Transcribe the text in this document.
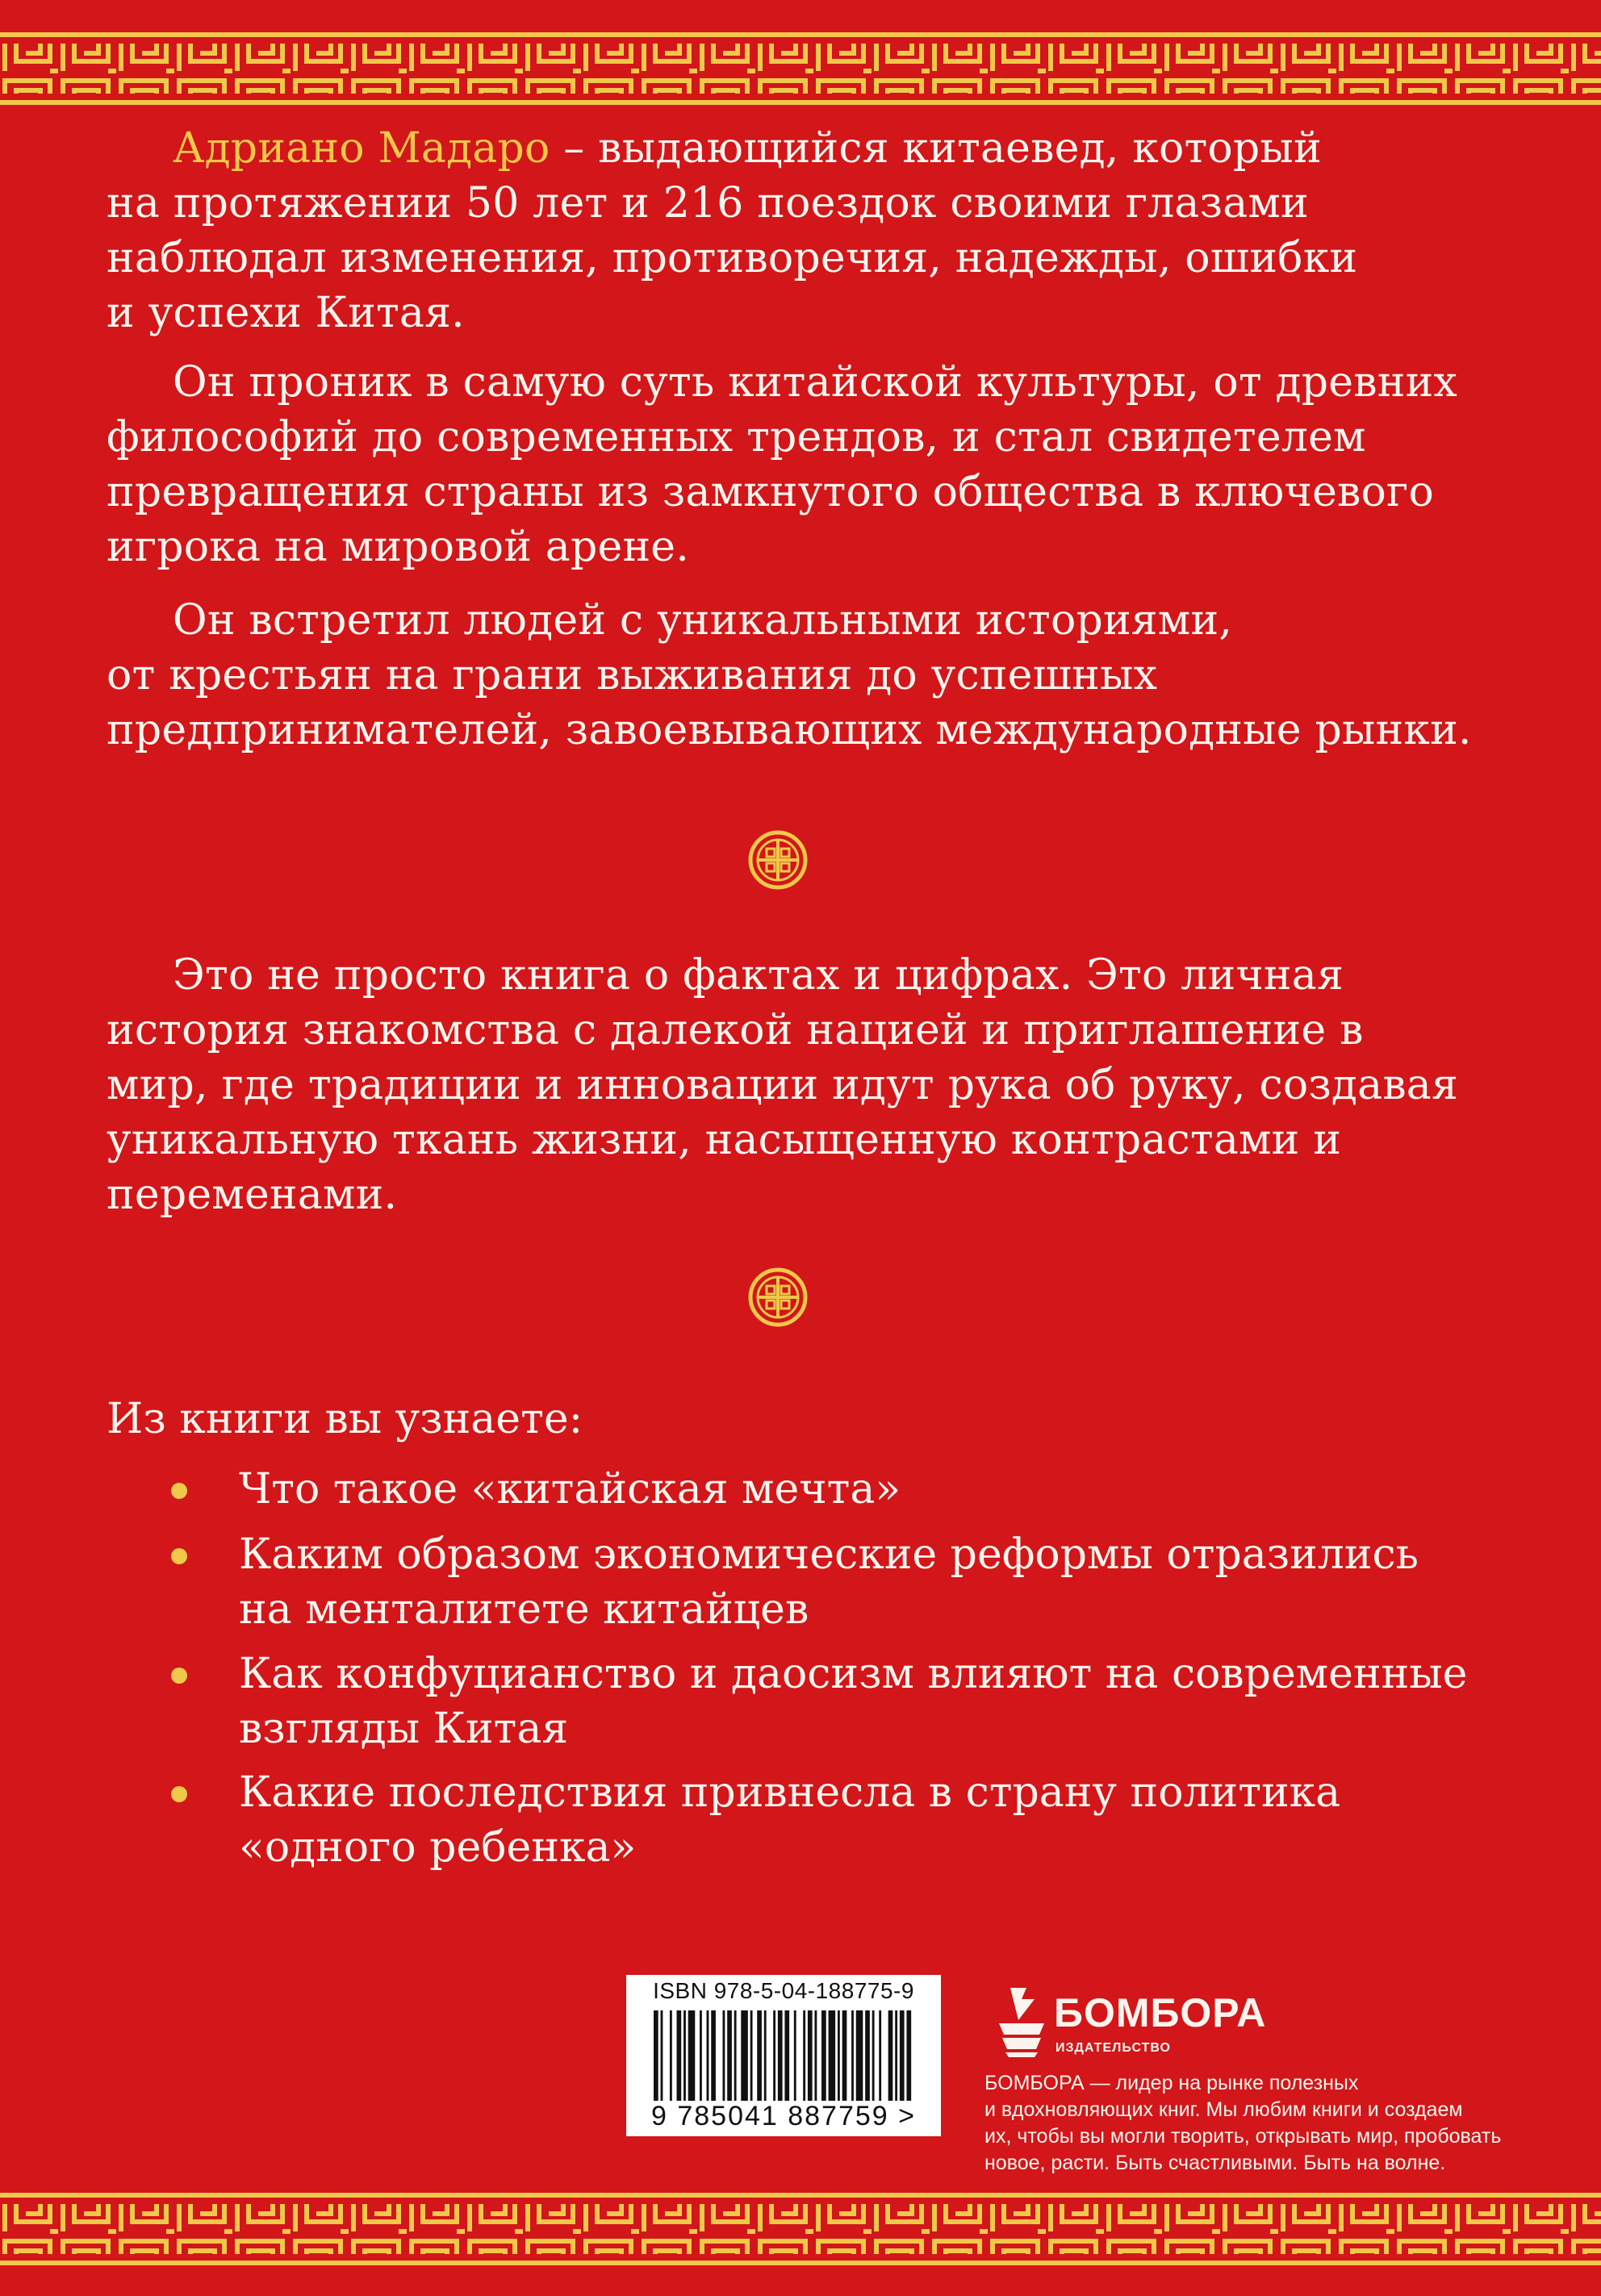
Адриано Мадаро – выдающийся китаевед, который
на протяжении 50 лет и 216 поездок своими глазами
наблюдал изменения, противоречия, надежды, ошибки
и успехи Китая.
Он проник в самую суть китайской культуры, от древних
философий до современных трендов, и стал свидетелем
превращения страны из замкнутого общества в ключевого
игрока на мировой арене.
Он встретил людей с уникальными историями,
от крестьян на грани выживания до успешных
предпринимателей, завоевывающих международные рынки.
Это не просто книга о фактах и цифрах. Это личная
история знакомства с далекой нацией и приглашение в
мир, где традиции и инновации идут рука об руку, создавая
уникальную ткань жизни, насыщенную контрастами и
переменами.
Из книги вы узнаете:
Что такое «китайская мечта»
Каким образом экономические реформы отразились
на менталитете китайцев
Как конфуцианство и даосизм влияют на современные
взгляды Китая
Какие последствия привнесла в страну политика
«одного ребенка»
ISBN 978-5-04-188775-9
9 785041 887759 >
БОМБОРА
ИЗДАТЕЛЬСТВО
БОМБОРА — лидер на рынке полезных
и вдохновляющих книг. Мы любим книги и создаем
их, чтобы вы могли творить, открывать мир, пробовать
новое, расти. Быть счастливыми. Быть на волне.
